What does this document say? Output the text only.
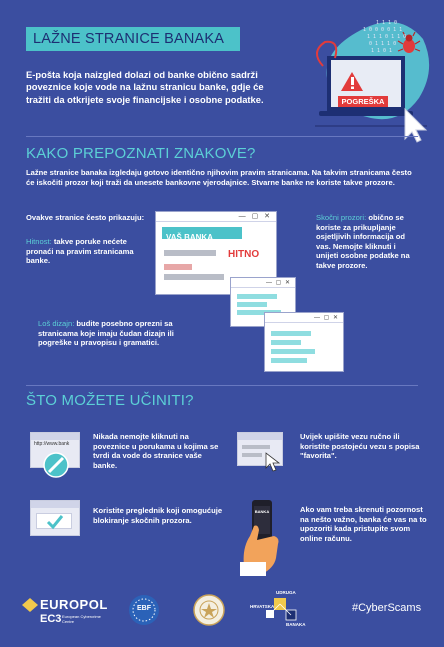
LAŽNE STRANICE BANAKA
E-pošta koja naizgled dolazi od banke obično sadrži poveznice koje vode na lažnu stranicu banke, gdje će tražiti da otkrijete svoje financijske i osobne podatke.	POGREŠKA
1 1 1 0
1 0 0 0 0 1 1
1 1 1 0 1 1 0
0 1 1 1 0
1 1 0 1
KAKO PREPOZNATI ZNAKOVE?
Lažne stranice banaka izgledaju gotovo identično njihovim pravim stranicama. Na takvim stranicama često će iskočiti prozor koji traži da unesete bankovne vjerodajnice. Stvarne banke ne koriste takve prozore.
Ovakve stranice često prikazuju:
Hitnost: takve poruke nećete pronaći na pravim stranicama banke.
Skočni prozori: obično se koriste za prikupljanje osjetljivih informacija od vas. Nemojte kliknuti i unijeti osobne podatke na takve prozore.
Loš dizajn: budite posebno oprezni sa stranicama koje imaju čudan dizajn ili pogreške u pravopisu i gramatici.
— ▢ ✕
VAŠ BANKA
HITNO
— ▢ ✕
— ▢ ✕
ŠTO MOŽETE UČINITI?
http://www.bank
Nikada nemojte kliknuti na poveznice u porukama u kojima se tvrdi da vode do stranice vaše banke.
Uvijek upišite vezu ručno ili koristite postojeću vezu s popisa "favorita".
Koristite preglednik koji omogućuje blokiranje skočnih prozora.
BANKA	Ako vam treba skrenuti pozornost na nešto važno, banka će vas na to upozoriti kada pristupite svom online računu.
EUROPOL
EC3 European Cybercrime Centre
EBF
UDRUGA
HRVATSKA
BANAKA
#CyberScams
